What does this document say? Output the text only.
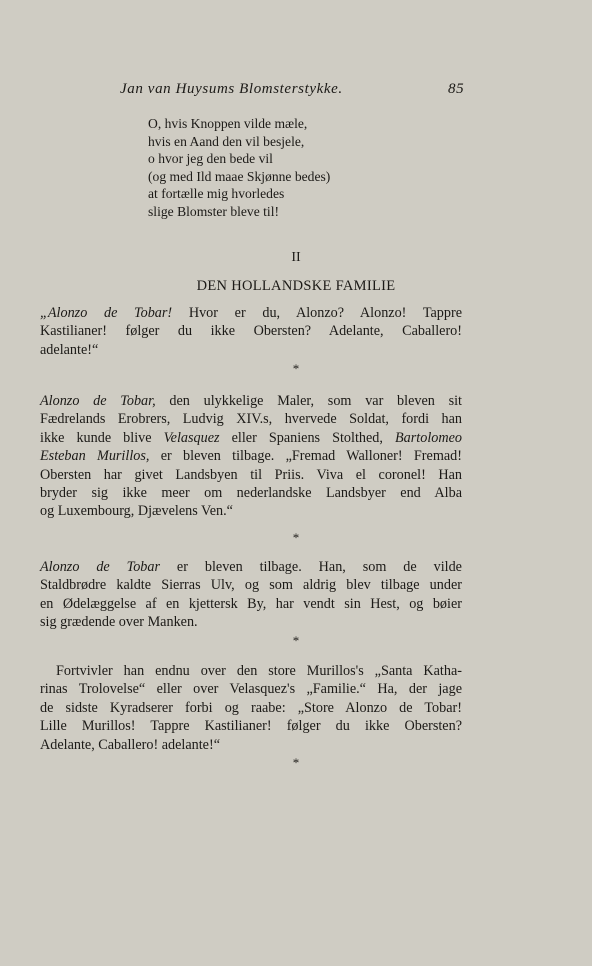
Jan van Huysums Blomsterstykke.	85
O, hvis Knoppen vilde mæle,
hvis en Aand den vil besjele,
o hvor jeg den bede vil
(og med Ild maae Skjønne bedes)
at fortælle mig hvorledes
slige Blomster bleve til!
II
DEN HOLLANDSKE FAMILIE
„Alonzo de Tobar! Hvor er du, Alonzo? Alonzo! Tappre
Kastilianer! følger du ikke Obersten? Adelante, Caballero!
adelante!“
*
Alonzo de Tobar, den ulykkelige Maler, som var bleven sit
Fædrelands Erobrers, Ludvig XIV.s, hvervede Soldat, fordi han
ikke kunde blive Velasquez eller Spaniens Stolthed, Bartolomeo
Esteban Murillos, er bleven tilbage. „Fremad Walloner! Fremad!
Obersten har givet Landsbyen til Priis. Viva el coronel! Han
bryder sig ikke meer om nederlandske Landsbyer end Alba
og Luxembourg, Djævelens Ven.“
*
Alonzo de Tobar er bleven tilbage. Han, som de vilde
Staldbrødre kaldte Sierras Ulv, og som aldrig blev tilbage under
en Ødelæggelse af en kjettersk By, har vendt sin Hest, og bøier
sig grædende over Manken.
*
Fortvivler han endnu over den store Murillos's „Santa Katha-
rinas Trolovelse“ eller over Velasquez's „Familie.“ Ha, der jage
de sidste Kyradserer forbi og raabe: „Store Alonzo de Tobar!
Lille Murillos! Tappre Kastilianer! følger du ikke Obersten?
Adelante, Caballero! adelante!“
*
